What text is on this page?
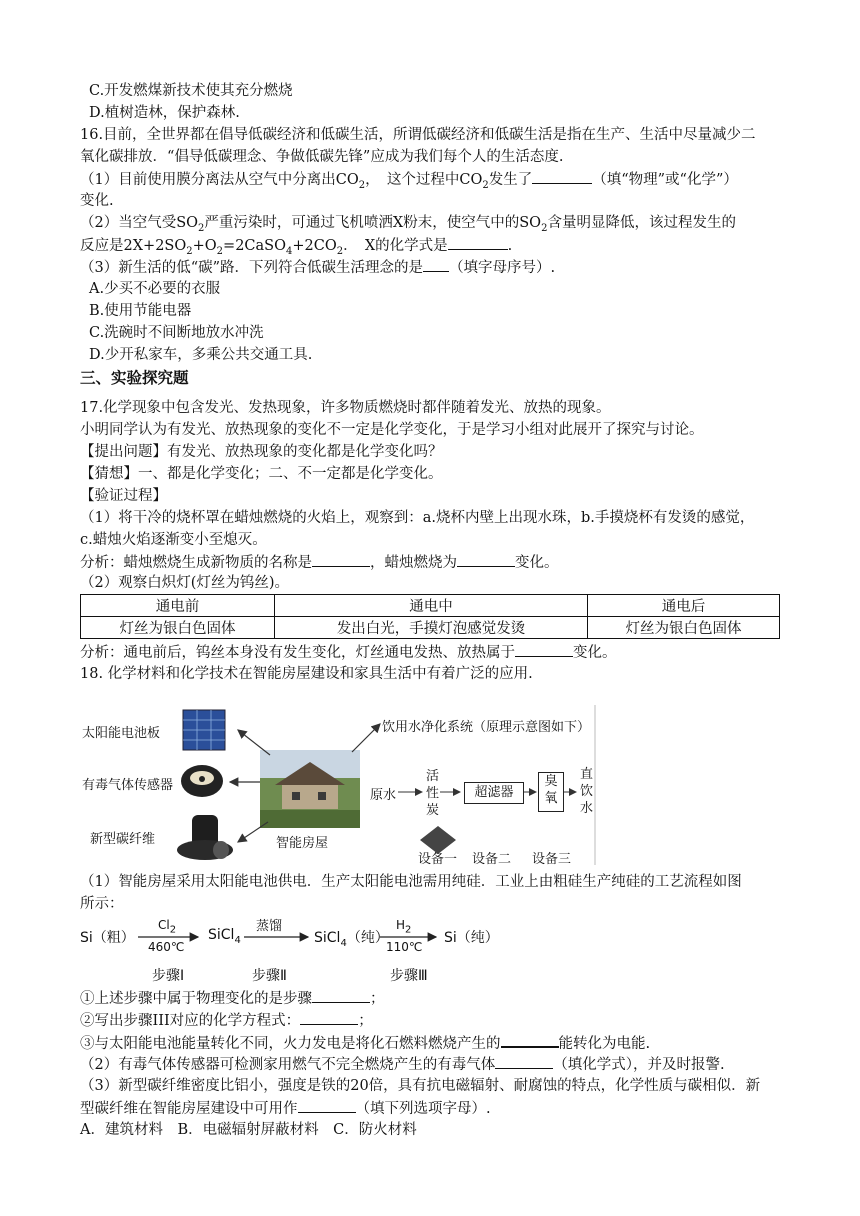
C.开发燃煤新技术使其充分燃烧
D.植树造林，保护森林.
16.目前，全世界都在倡导低碳经济和低碳生活，所谓低碳经济和低碳生活是指在生产、生活中尽量减少二
氧化碳排放．“倡导低碳理念、争做低碳先锋”应成为我们每个人的生活态度.
（1）目前使用膜分离法从空气中分离出$CO_2$，　这个过程中$CO_2$发生了	（填“物理”或“化学”）
变化.
（2）当空气受$SO_2$严重污染时，可通过飞机喷洒X粉末，使空气中的$SO_2$含量明显降低，该过程发生的
反应是$2X+2SO_2+O_2=2CaSO_4+2CO_2$．　X的化学式是	.
（3）新生活的低“碳”路．下列符合低碳生活理念的是 （填字母序号）.
A.少买不必要的衣服
B.使用节能电器
C.洗碗时不间断地放水冲洗
D.少开私家车，多乘公共交通工具.
三、实验探究题
17.化学现象中包含发光、发热现象，许多物质燃烧时都伴随着发光、放热的现象。
小明同学认为有发光、放热现象的变化不一定是化学变化，于是学习小组对此展开了探究与讨论。
【提出问题】有发光、放热现象的变化都是化学变化吗？
【猜想】一、都是化学变化；二、不一定都是化学变化。
【验证过程】
（1）将干冷的烧杯罩在蜡烛燃烧的火焰上，观察到：a.烧杯内壁上出现水珠，b.手摸烧杯有发烫的感觉，
c.蜡烛火焰逐渐变小至熄灭。
分析：蜡烛燃烧生成新物质的名称是	，蜡烛燃烧为	变化。
（2）观察白炽灯(灯丝为钨丝)。
通电前	通电中	通电后
灯丝为银白色固体	发出白光，手摸灯泡感觉发烫	灯丝为银白色固体
分析：通电前后，钨丝本身没有发生变化，灯丝通电发热、放热属于	变化。
18. 化学材料和化学技术在智能房屋建设和家具生活中有着广泛的应用.
太阳能电池板
有毒气体传感器
新型碳纤维	智能房屋
饮用水净化系统（原理示意图如下）
原水
活
性
炭
超滤器
臭
氧
直
饮
水
设备一 设备二 设备三
（1）智能房屋采用太阳能电池供电．生产太阳能电池需用纯硅．工业上由粗硅生产纯硅的工艺流程如图
所示：
Si（粗）
$Cl_2$
460℃
SiCl$_4$
蒸馏
SiCl$_4$（纯）
$H_2$
110℃
Si（纯）
步骤Ⅰ	步骤Ⅱ	步骤Ⅲ
①上述步骤中属于物理变化的是步骤	；
②写出步骤III对应的化学方程式：	；
③与太阳能电池能量转化不同，火力发电是将化石燃料燃烧产生的	能转化为电能.
（2）有毒气体传感器可检测家用燃气不完全燃烧产生的有毒气体	（填化学式），并及时报警.
（3）新型碳纤维密度比铝小，强度是铁的20倍，具有抗电磁辐射、耐腐蚀的特点，化学性质与碳相似．新
型碳纤维在智能房屋建设中可用作	（填下列选项字母）.
A．建筑材料　B．电磁辐射屏蔽材料　C．防火材料
